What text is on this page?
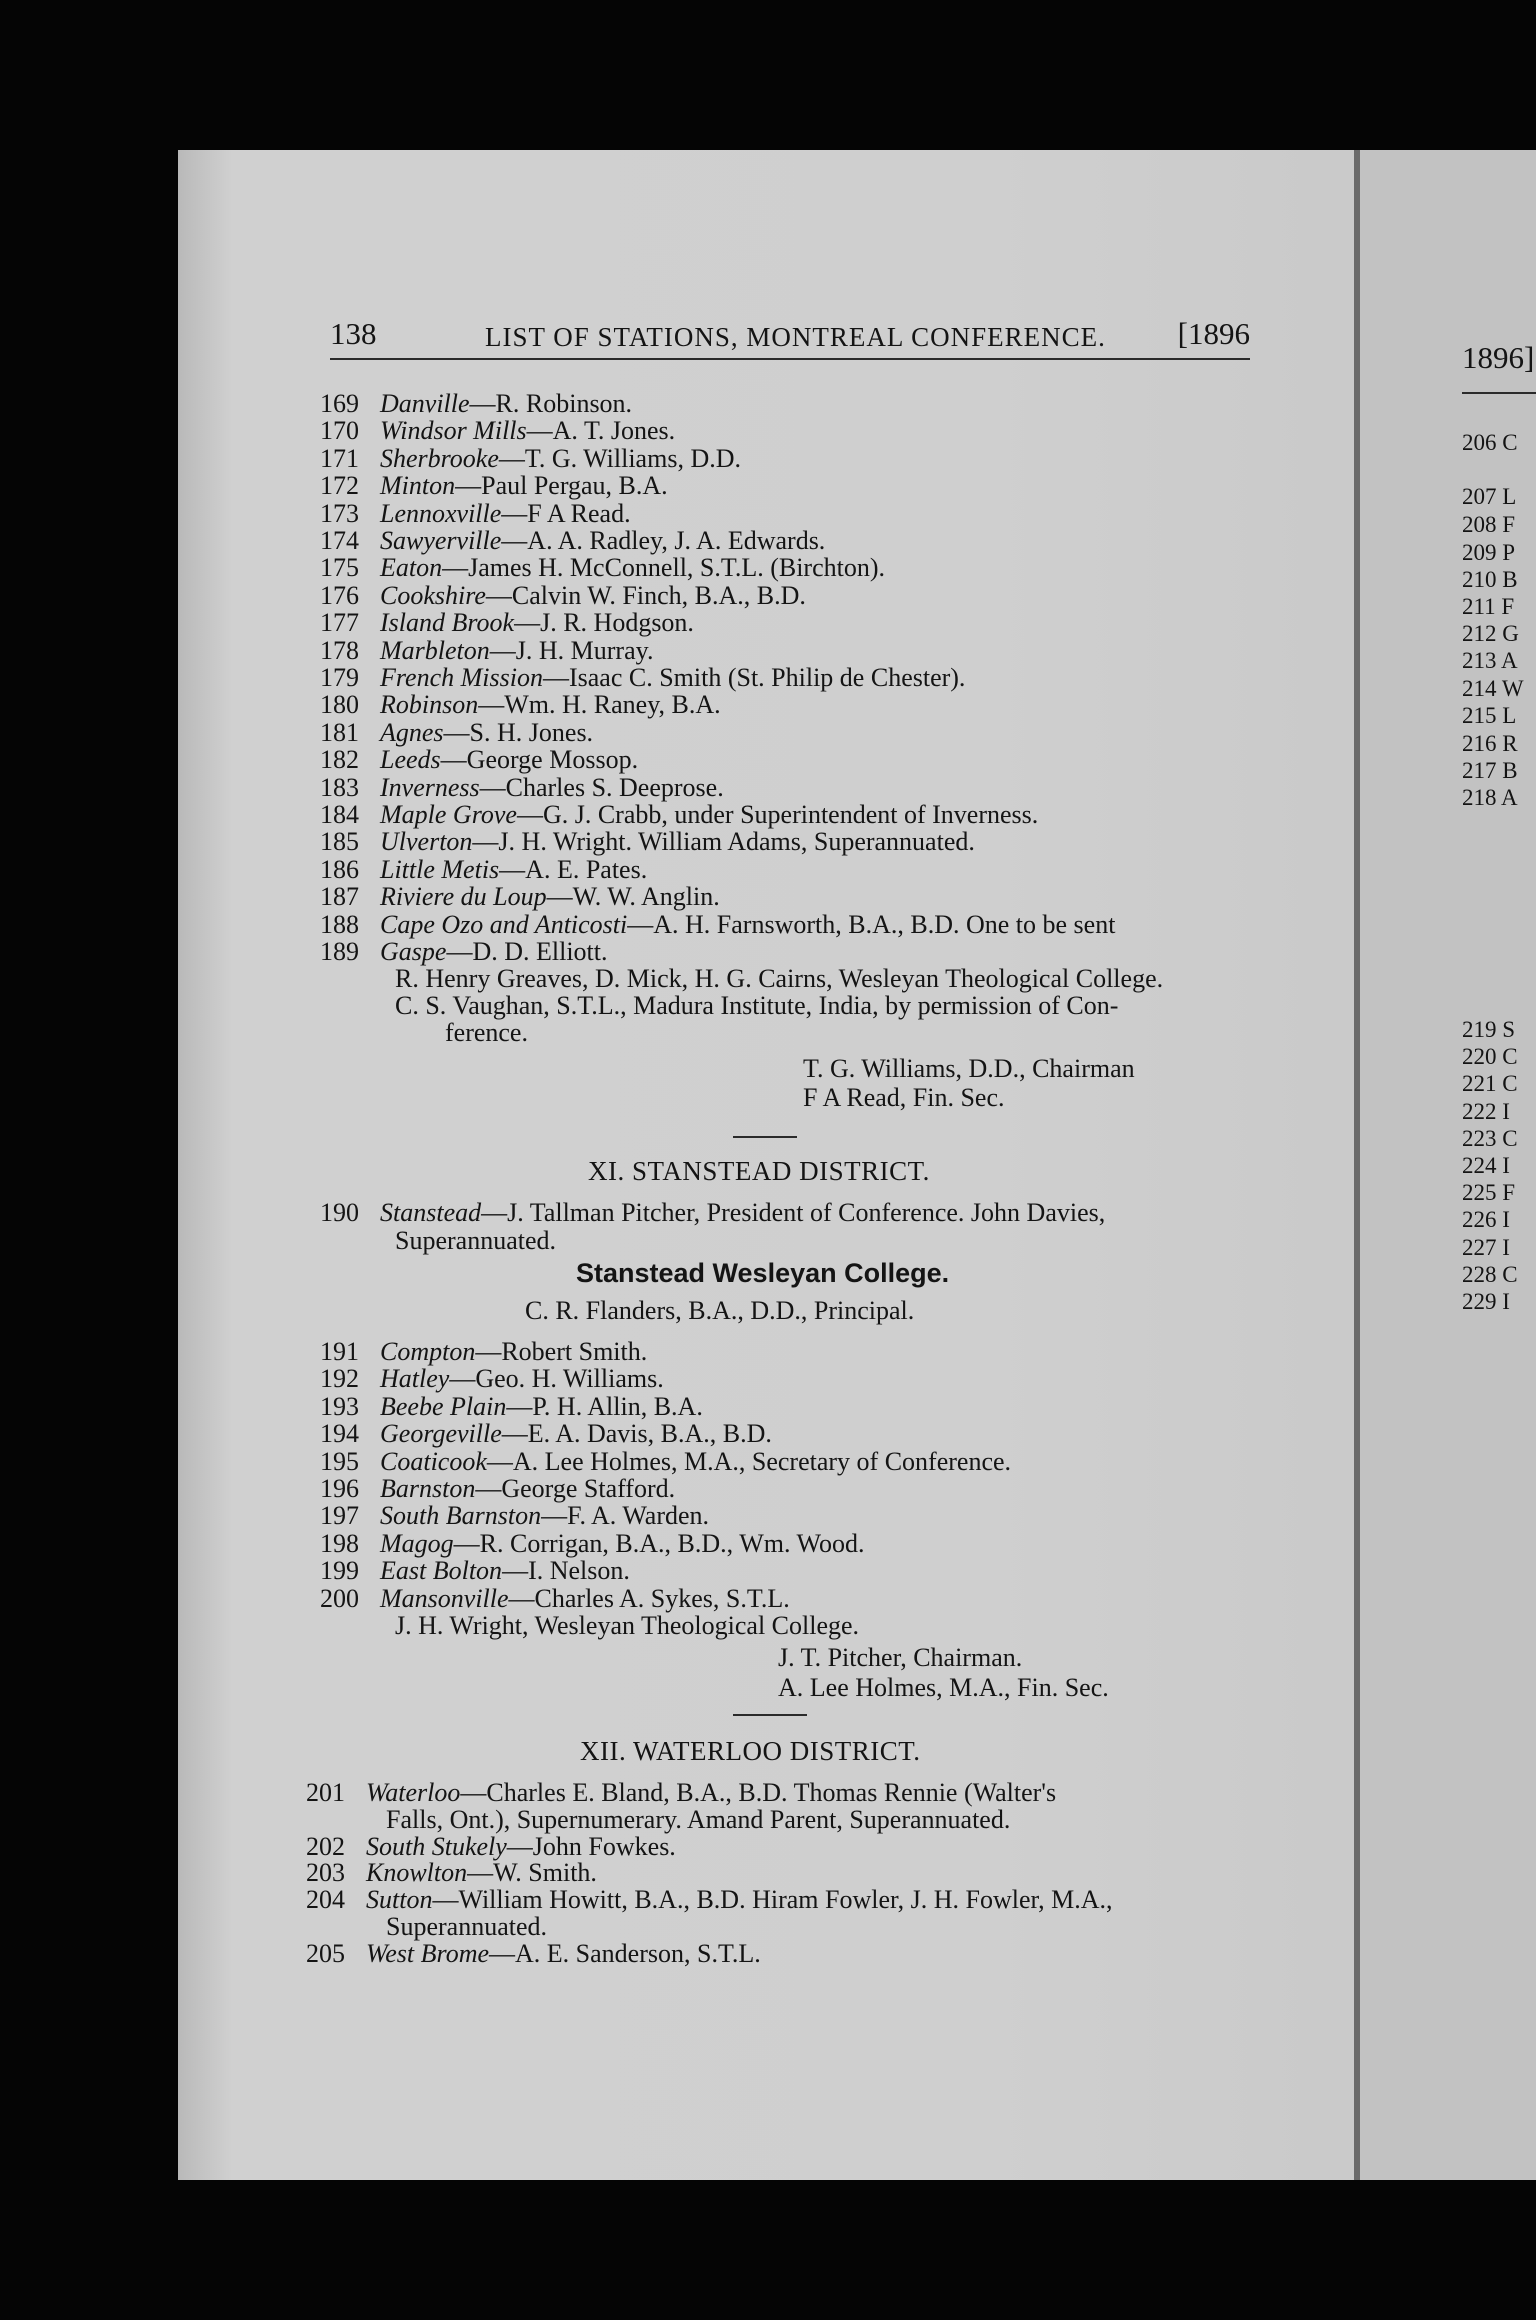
138	LIST OF STATIONS, MONTREAL CONFERENCE. [1896
169 Danville—R. Robinson.
170 Windsor Mills—A. T. Jones.
171 Sherbrooke—T. G. Williams, D.D.
172 Minton—Paul Pergau, B.A.
173 Lennoxville—F A Read.
174 Sawyerville—A. A. Radley, J. A. Edwards.
175 Eaton—James H. McConnell, S.T.L. (Birchton).
176 Cookshire—Calvin W. Finch, B.A., B.D.
177 Island Brook—J. R. Hodgson.
178 Marbleton—J. H. Murray.
179 French Mission—Isaac C. Smith (St. Philip de Chester).
180 Robinson—Wm. H. Raney, B.A.
181 Agnes—S. H. Jones.
182 Leeds—George Mossop.
183 Inverness—Charles S. Deeprose.
184 Maple Grove—G. J. Crabb, under Superintendent of Inverness.
185 Ulverton—J. H. Wright. William Adams, Superannuated.
186 Little Metis—A. E. Pates.
187 Riviere du Loup—W. W. Anglin.
188 Cape Ozo and Anticosti—A. H. Farnsworth, B.A., B.D. One to be sent
189 Gaspe—D. D. Elliott.
R. Henry Greaves, D. Mick, H. G. Cairns, Wesleyan Theological College.
C. S. Vaughan, S.T.L., Madura Institute, India, by permission of Con-
ference.
T. G. Williams, D.D., Chairman
F A Read, Fin. Sec.
XI. STANSTEAD DISTRICT.
190 Stanstead—J. Tallman Pitcher, President of Conference. John Davies,
Superannuated.
Stanstead Wesleyan College.
C. R. Flanders, B.A., D.D., Principal.
191 Compton—Robert Smith.
192 Hatley—Geo. H. Williams.
193 Beebe Plain—P. H. Allin, B.A.
194 Georgeville—E. A. Davis, B.A., B.D.
195 Coaticook—A. Lee Holmes, M.A., Secretary of Conference.
196 Barnston—George Stafford.
197 South Barnston—F. A. Warden.
198 Magog—R. Corrigan, B.A., B.D., Wm. Wood.
199 East Bolton—I. Nelson.
200 Mansonville—Charles A. Sykes, S.T.L.
J. H. Wright, Wesleyan Theological College.
J. T. Pitcher, Chairman.
A. Lee Holmes, M.A., Fin. Sec.
XII. WATERLOO DISTRICT.
201 Waterloo—Charles E. Bland, B.A., B.D. Thomas Rennie (Walter's
Falls, Ont.), Supernumerary. Amand Parent, Superannuated.
202 South Stukely—John Fowkes.
203 Knowlton—W. Smith.
204 Sutton—William Howitt, B.A., B.D. Hiram Fowler, J. H. Fowler, M.A.,
Superannuated.
205 West Brome—A. E. Sanderson, S.T.L.
1896]
206 C
207 L
208 F
209 P
210 B
211 F
212 G
213 A
214 W
215 L
216 R
217 B
218 A
219 S
220 C
221 C
222 I
223 C
224 I
225 F
226 I
227 I
228 C
229 I
